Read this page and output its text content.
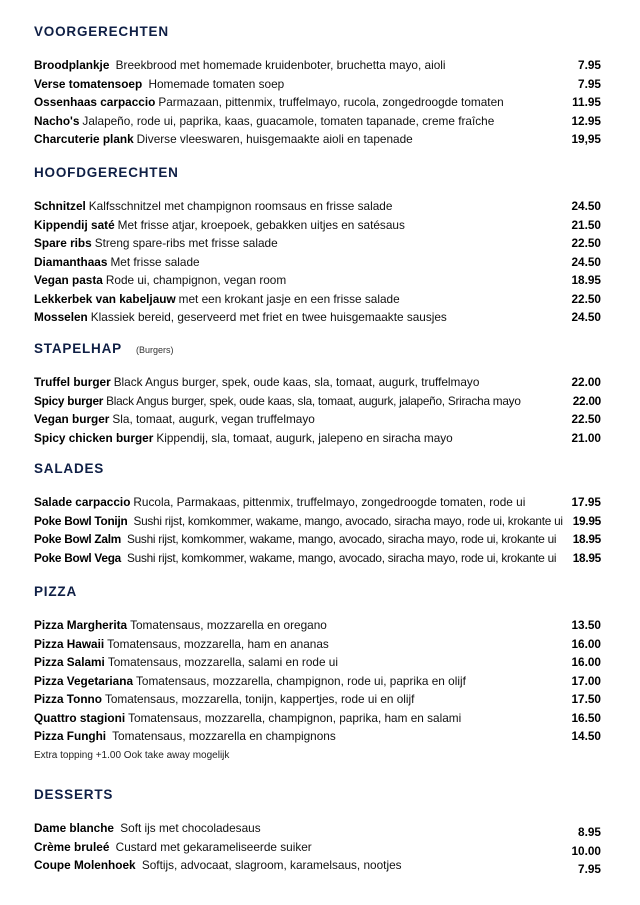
VOORGERECHTEN
Broodplankje Breekbrood met homemade kruidenboter, bruchetta mayo, aioli	7.95
Verse tomatensoep Homemade tomaten soep	7.95
Ossenhaas carpaccio Parmazaan, pittenmix, truffelmayo, rucola, zongedroogde tomaten	11.95
Nacho's Jalapeño, rode ui, paprika, kaas, guacamole, tomaten tapanade, creme fraîche	12.95
Charcuterie plank Diverse vleeswaren, huisgemaakte aioli en tapenade	19,95
HOOFDGERECHTEN
Schnitzel Kalfsschnitzel met champignon roomsaus en frisse salade	24.50
Kippendij saté Met frisse atjar, kroepoek, gebakken uitjes en satésaus	21.50
Spare ribs Streng spare-ribs met frisse salade	22.50
Diamanthaas Met frisse salade	24.50
Vegan pasta Rode ui, champignon, vegan room	18.95
Lekkerbek van kabeljauw met een krokant jasje en een frisse salade	22.50
Mosselen Klassiek bereid, geserveerd met friet en twee huisgemaakte sausjes	24.50
STAPELHAP (Burgers)
Truffel burger Black Angus burger, spek, oude kaas, sla, tomaat, augurk, truffelmayo	22.00
Spicy burger Black Angus burger, spek, oude kaas, sla, tomaat, augurk, jalapeño, Sriracha mayo	22.00
Vegan burger Sla, tomaat, augurk, vegan truffelmayo	22.50
Spicy chicken burger Kippendij, sla, tomaat, augurk, jalepeno en siracha mayo	21.00
SALADES
Salade carpaccio Rucola, Parmakaas, pittenmix, truffelmayo, zongedroogde tomaten, rode ui	17.95
Poke Bowl Tonijn Sushi rijst, komkommer, wakame, mango, avocado, siracha mayo, rode ui, krokante ui 19.95
Poke Bowl Zalm Sushi rijst, komkommer, wakame, mango, avocado, siracha mayo, rode ui, krokante ui 18.95
Poke Bowl Vega Sushi rijst, komkommer, wakame, mango, avocado, siracha mayo, rode ui, krokante ui 18.95
PIZZA
Pizza Margherita Tomatensaus, mozzarella en oregano	13.50
Pizza Hawaii Tomatensaus, mozzarella, ham en ananas	16.00
Pizza Salami Tomatensaus, mozzarella, salami en rode ui	16.00
Pizza Vegetariana Tomatensaus, mozzarella, champignon, rode ui, paprika en olijf	17.00
Pizza Tonno Tomatensaus, mozzarella, tonijn, kappertjes, rode ui en olijf	17.50
Quattro stagioni Tomatensaus, mozzarella, champignon, paprika, ham en salami	16.50
Pizza Funghi Tomatensaus, mozzarella en champignons	14.50
Extra topping +1.00 Ook take away mogelijk
DESSERTS
Dame blanche Soft ijs met chocoladesaus	8.95
Crème bruleé Custard met gekarameliseerde suiker	10.00
Coupe Molenhoek Softijs, advocaat, slagroom, karamelsaus, nootjes	7.95
